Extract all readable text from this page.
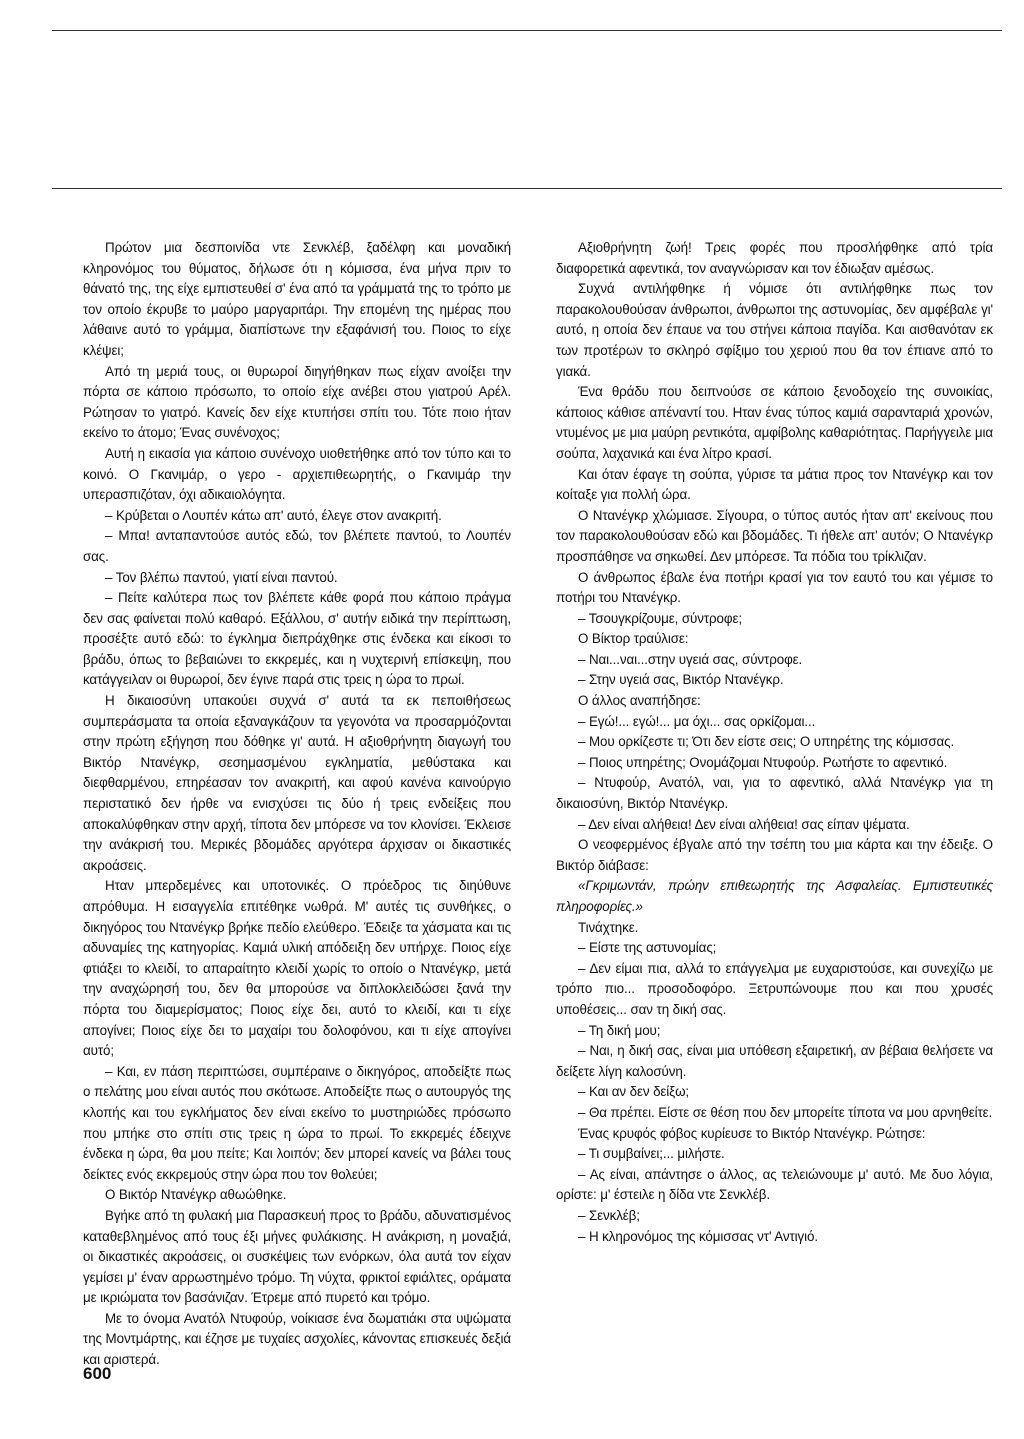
Πρώτον μια δεσποινίδα ντε Σενκλέβ, ξαδέλφη και μοναδική κληρονόμος του θύματος, δήλωσε ότι η κόμισσα, ένα μήνα πριν το θάνατό της, της είχε εμπιστευθεί σ' ένα από τα γράμματά της το τρόπο με τον οποίο έκρυβε το μαύρο μαργαριτάρι. Την επομένη της ημέρας που λάθαινε αυτό το γράμμα, διαπίστωνε την εξαφάνισή του. Ποιος το είχε κλέψει;

Από τη μεριά τους, οι θυρωροί διηγήθηκαν πως είχαν ανοίξει την πόρτα σε κάποιο πρόσωπο, το οποίο είχε ανέβει στου γιατρού Αρέλ. Ρώτησαν το γιατρό. Κανείς δεν είχε κτυπήσει σπίτι του. Τότε ποιο ήταν εκείνο το άτομο; Ένας συνένοχος;

Αυτή η εικασία για κάποιο συνένοχο υιοθετήθηκε από τον τύπο και το κοινό. Ο Γκανιμάρ, ο γερο - αρχιεπιθεωρητής, ο Γκανιμάρ την υπερασπιζόταν, όχι αδικαιολόγητα.

– Κρύβεται ο Λουπέν κάτω απ' αυτό, έλεγε στον ανακριτή.

– Μπα! ανταπαντούσε αυτός εδώ, τον βλέπετε παντού, το Λουπέν σας.

– Τον βλέπω παντού, γιατί είναι παντού.

– Πείτε καλύτερα πως τον βλέπετε κάθε φορά που κάποιο πράγμα δεν σας φαίνεται πολύ καθαρό. Εξάλλου, σ' αυτήν ειδικά την περίπτωση, προσέξτε αυτό εδώ: το έγκλημα διεπράχθηκε στις ένδεκα και είκοσι το βράδυ, όπως το βεβαιώνει το εκκρεμές, και η νυχτερινή επίσκεψη, που κατάγγειλαν οι θυρωροί, δεν έγινε παρά στις τρεις η ώρα το πρωί.

Η δικαιοσύνη υπακούει συχνά σ' αυτά τα εκ πεποιθήσεως συμπεράσματα τα οποία εξαναγκάζουν τα γεγονότα να προσαρμόζονται στην πρώτη εξήγηση που δόθηκε γι' αυτά. Η αξιοθρήνητη διαγωγή του Βικτόρ Ντανέγκρ, σεσημασμένου εγκληματία, μεθύστακα και διεφθαρμένου, επηρέασαν τον ανακριτή, και αφού κανένα καινούργιο περιστατικό δεν ήρθε να ενισχύσει τις δύο ή τρεις ενδείξεις που αποκαλύφθηκαν στην αρχή, τίποτα δεν μπόρεσε να τον κλονίσει. Έκλεισε την ανάκρισή του. Μερικές βδομάδες αργότερα άρχισαν οι δικαστικές ακροάσεις.

Ηταν μπερδεμένες και υποτονικές. Ο πρόεδρος τις διηύθυνε απρόθυμα. Η εισαγγελία επιτέθηκε νωθρά. Μ' αυτές τις συνθήκες, ο δικηγόρος του Ντανέγκρ βρήκε πεδίο ελεύθερο. Έδειξε τα χάσματα και τις αδυναμίες της κατηγορίας. Καμιά υλική απόδειξη δεν υπήρχε. Ποιος είχε φτιάξει το κλειδί, το απαραίτητο κλειδί χωρίς το οποίο ο Ντανέγκρ, μετά την αναχώρησή του, δεν θα μπορούσε να διπλοκλειδώσει ξανά την πόρτα του διαμερίσματος; Ποιος είχε δει, αυτό το κλειδί, και τι είχε απογίνει; Ποιος είχε δει το μαχαίρι του δολοφόνου, και τι είχε απογίνει αυτό;

– Και, εν πάση περιπτώσει, συμπέραινε ο δικηγόρος, αποδείξτε πως ο πελάτης μου είναι αυτός που σκότωσε. Αποδείξτε πως ο αυτουργός της κλοπής και του εγκλήματος δεν είναι εκείνο το μυστηριώδες πρόσωπο που μπήκε στο σπίτι στις τρεις η ώρα το πρωί. Το εκκρεμές έδειχνε ένδεκα η ώρα, θα μου πείτε; Και λοιπόν; δεν μπορεί κανείς να βάλει τους δείκτες ενός εκκρεμούς στην ώρα που τον θολεύει;

Ο Βικτόρ Ντανέγκρ αθωώθηκε.

Βγήκε από τη φυλακή μια Παρασκευή προς το βράδυ, αδυνατισμένος καταθεβλημένος από τους έξι μήνες φυλάκισης. Η ανάκριση, η μοναξιά, οι δικαστικές ακροάσεις, οι συσκέψεις των ενόρκων, όλα αυτά τον είχαν γεμίσει μ' έναν αρρωστημένο τρόμο. Τη νύχτα, φρικτοί εφιάλτες, οράματα με ικριώματα τον βασάνιζαν. Έτρεμε από πυρετό και τρόμο.

Με το όνομα Ανατόλ Ντυφούρ, νοίκιασε ένα δωματιάκι στα υψώματα της Μοντμάρτης, και έζησε με τυχαίες ασχολίες, κάνοντας επισκευές δεξιά και αριστερά.

Αξιοθρήνητη ζωή! Τρεις φορές που προσλήφθηκε από τρία διαφορετικά αφεντικά, τον αναγνώρισαν και τον έδιωξαν αμέσως.

Συχνά αντιλήφθηκε ή νόμισε ότι αντιλήφθηκε πως τον παρακολουθούσαν άνθρωποι, άνθρωποι της αστυνομίας, δεν αμφέβαλε γι' αυτό, η οποία δεν έπαυε να του στήνει κάποια παγίδα. Και αισθανόταν εκ των προτέρων το σκληρό σφίξιμο του χεριού που θα τον έπιανε από το γιακά.

Ένα θράδυ που δειπνούσε σε κάποιο ξενοδοχείο της συνοικίας, κάποιος κάθισε απέναντί του. Ηταν ένας τύπος καμιά σαρανταριά χρονών, ντυμένος με μια μαύρη ρεντικότα, αμφίβολης καθαριότητας. Παρήγγειλε μια σούπα, λαχανικά και ένα λίτρο κρασί.

Και όταν έφαγε τη σούπα, γύρισε τα μάτια προς τον Ντανέγκρ και τον κοίταξε για πολλή ώρα.

Ο Ντανέγκρ χλώμιασε. Σίγουρα, ο τύπος αυτός ήταν απ' εκείνους που τον παρακολουθούσαν εδώ και βδομάδες. Τι ήθελε απ' αυτόν; Ο Ντανέγκρ προσπάθησε να σηκωθεί. Δεν μπόρεσε. Τα πόδια του τρίκλιζαν.

Ο άνθρωπος έβαλε ένα ποτήρι κρασί για τον εαυτό του και γέμισε το ποτήρι του Ντανέγκρ.

– Τσουγκρίζουμε, σύντροφε;

Ο Βίκτορ τραύλισε:

– Ναι...ναι...στην υγειά σας, σύντροφε.

– Στην υγειά σας, Βικτόρ Ντανέγκρ.

Ο άλλος αναπήδησε:

– Εγώ!... εγώ!... μα όχι... σας ορκίζομαι...

– Μου ορκίζεστε τι; Ότι δεν είστε σεις; Ο υπηρέτης της κόμισσας.

– Ποιος υπηρέτης; Ονομάζομαι Ντυφούρ. Ρωτήστε το αφεντικό.

– Ντυφούρ, Ανατόλ, ναι, για το αφεντικό, αλλά Ντανέγκρ για τη δικαιοσύνη, Βικτόρ Ντανέγκρ.

– Δεν είναι αλήθεια! Δεν είναι αλήθεια! σας είπαν ψέματα.

Ο νεοφερμένος έβγαλε από την τσέπη του μια κάρτα και την έδειξε. Ο Βικτόρ διάβασε:

«Γκριμωντάν, πρώην επιθεωρητής της Ασφαλείας. Εμπιστευτικές πληροφορίες.»

Τινάχτηκε.

– Είστε της αστυνομίας;

– Δεν είμαι πια, αλλά το επάγγελμα με ευχαριστούσε, και συνεχίζω με τρόπο πιο... προσοδοφόρο. Ξετρυπώνουμε που και που χρυσές υποθέσεις... σαν τη δική σας.

– Τη δική μου;

– Ναι, η δική σας, είναι μια υπόθεση εξαιρετική, αν βέβαια θελήσετε να δείξετε λίγη καλοσύνη.

– Και αν δεν δείξω;

– Θα πρέπει. Είστε σε θέση που δεν μπορείτε τίποτα να μου αρνηθείτε.

Ένας κρυφός φόβος κυρίευσε το Βικτόρ Ντανέγκρ. Ρώτησε:

– Τι συμβαίνει;... μιλήστε.

– Ας είναι, απάντησε ο άλλος, ας τελειώνουμε μ' αυτό. Με δυο λόγια, ορίστε: μ' έστειλε η δίδα ντε Σενκλέβ.

– Σενκλέβ;

– Η κληρονόμος της κόμισσας ντ' Αντιγιό.

600
